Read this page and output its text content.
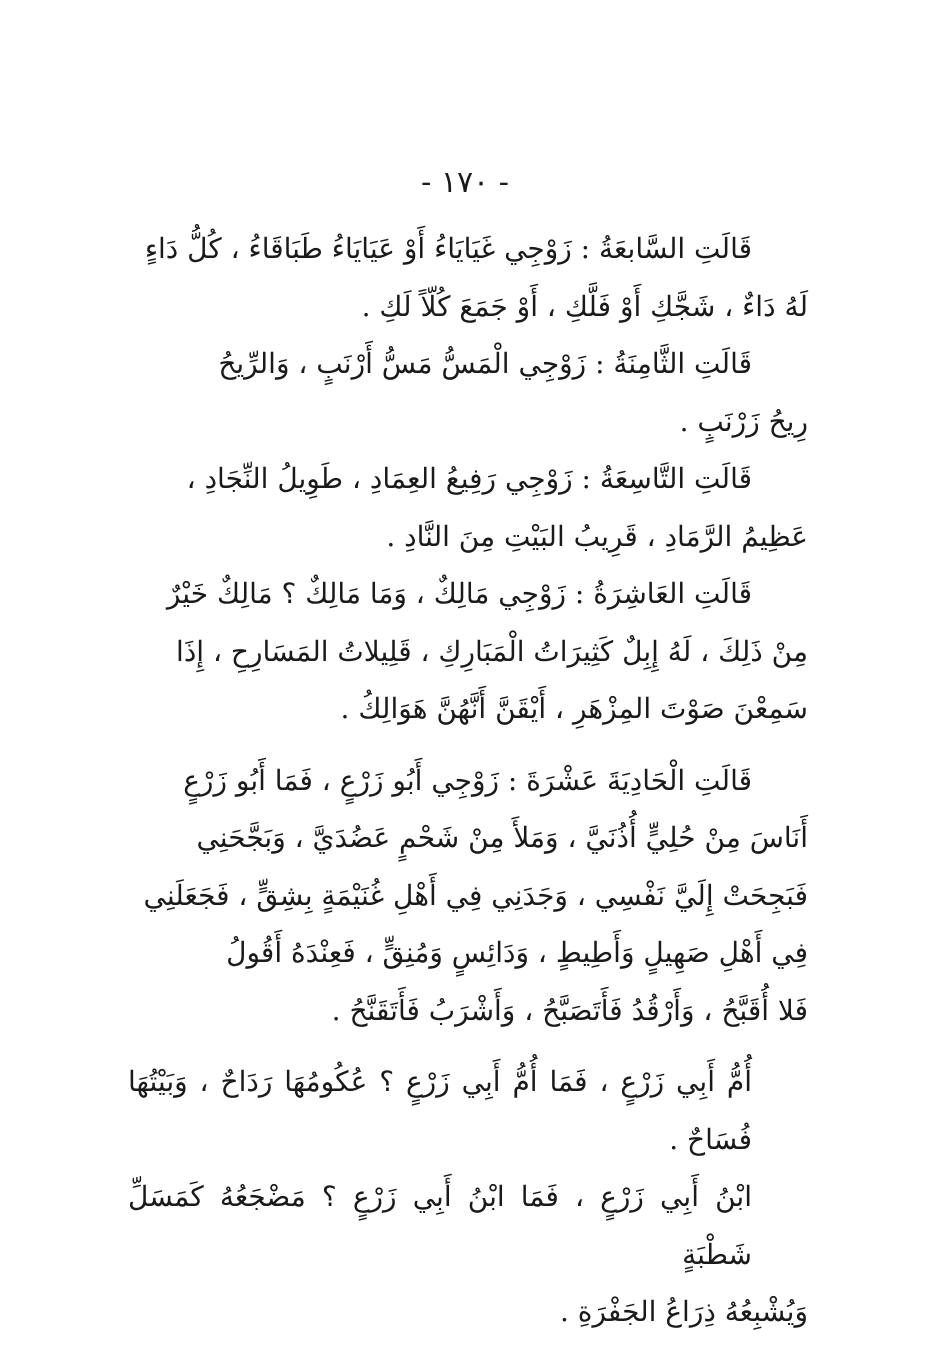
- ١٧٠ -

قَالَتِ السَّابعَةُ : زَوْجِي غَيَايَاءُ أَوْ عَيَايَاءُ طَبَاقَاءُ ، كُلُّ دَاءٍ
لَهُ دَاءٌ ، شَجَّكِ أَوْ فَلَّكِ ، أَوْ جَمَعَ كُلّاً لَكِ .

قَالَتِ الثَّامِنَةُ : زَوْجِي الْمَسُّ مَسُّ أَرْنَبٍ ، وَالرِّيحُ
رِيحُ زَرْنَبٍ .

قَالَتِ التَّاسِعَةُ : زَوْجِي رَفِيعُ العِمَادِ ، طَوِيلُ النِّجَادِ ،
عَظِيمُ الرَّمَادِ ، قَرِيبُ البَيْتِ مِنَ النَّادِ .

قَالَتِ العَاشِرَةُ : زَوْجِي مَالِكٌ ، وَمَا مَالِكٌ ؟ مَالِكٌ خَيْرٌ
مِنْ ذَلِكَ ، لَهُ إِبِلٌ كَثِيرَاتُ الْمَبَارِكِ ، قَلِيلاتُ المَسَارِحِ ، إِذَا
سَمِعْنَ صَوْتَ المِزْهَرِ ، أَيْقَنَّ أَنَّهُنَّ هَوَالِكُ .

قَالَتِ الْحَادِيَةَ عَشْرَةَ : زَوْجِي أَبُو زَرْعٍ ، فَمَا أَبُو زَرْعٍ
أَنَاسَ مِنْ حُلِيٍّ أُذُنَيَّ ، وَمَلأَ مِنْ شَحْمٍ عَضُدَيَّ ، وَبَجَّحَنِي
فَبَجِحَتْ إِلَيَّ نَفْسِي ، وَجَدَنِي فِي أَهْلِ غُنَيْمَةٍ بِشِقٍّ ، فَجَعَلَنِي
فِي أَهْلِ صَهِيلٍ وَأَطِيطٍ ، وَدَائِسٍ وَمُنِقٍّ ، فَعِنْدَهُ أَقُولُ
فَلا أُقَبَّحُ ، وَأَرْقُدُ فَأَتَصَبَّحُ ، وَأَشْرَبُ فَأَتَقَنَّحُ .

أُمُّ أَبِي زَرْعٍ ، فَمَا أُمُّ أَبِي زَرْعٍ ؟ عُكُومُهَا رَدَاحٌ ، وَبَيْتُهَا فُسَاحٌ .
ابْنُ أَبِي زَرْعٍ ، فَمَا ابْنُ أَبِي زَرْعٍ ؟ مَضْجَعُهُ كَمَسَلِّ شَطْبَةٍ
وَيُشْبِعُهُ ذِرَاعُ الجَفْرَةِ .
